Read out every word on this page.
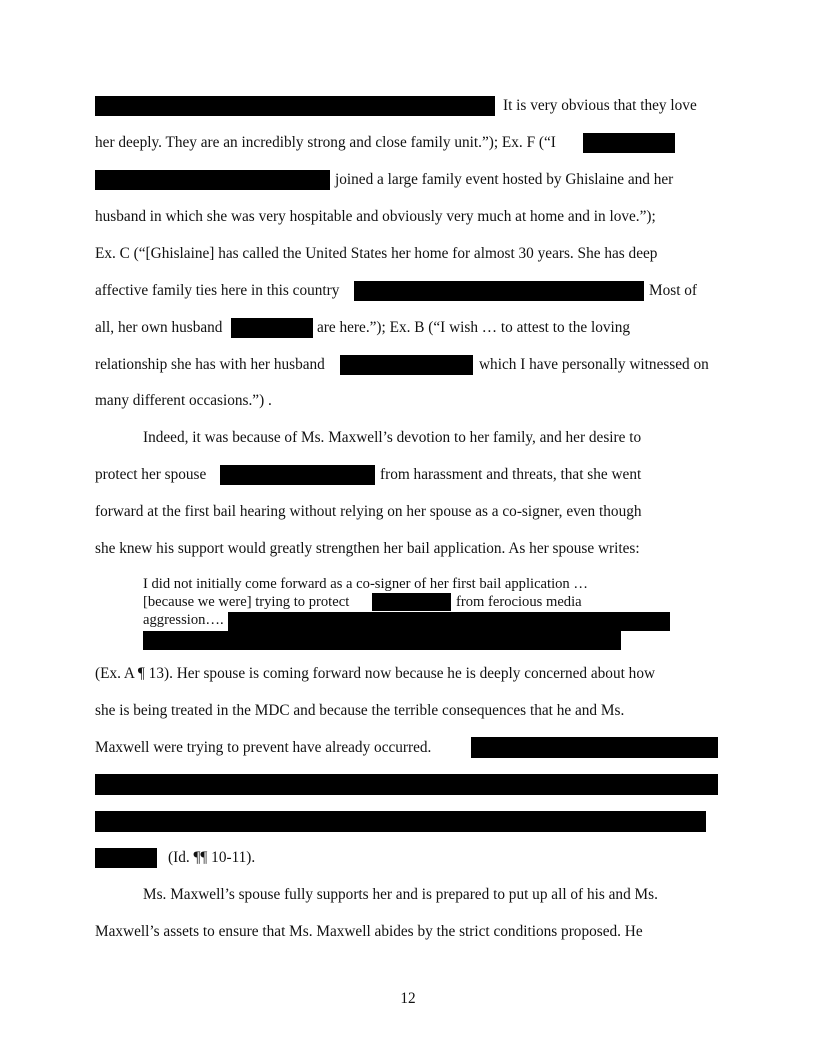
It is very obvious that they love
her deeply. They are an incredibly strong and close family unit.”); Ex. F (“I
joined a large family event hosted by Ghislaine and her
husband in which she was very hospitable and obviously very much at home and in love.”);
Ex. C (“[Ghislaine] has called the United States her home for almost 30 years. She has deep
affective family ties here in this country	Most of
all, her own husband	are here.”); Ex. B (“I wish … to attest to the loving
relationship she has with her husband	which I have personally witnessed on
many different occasions.”) .
Indeed, it was because of Ms. Maxwell’s devotion to her family, and her desire to
protect her spouse	from harassment and threats, that she went
forward at the first bail hearing without relying on her spouse as a co-signer, even though
she knew his support would greatly strengthen her bail application. As her spouse writes:
I did not initially come forward as a co-signer of her first bail application …
[because we were] trying to protect	from ferocious media
aggression….
(Ex. A ¶ 13). Her spouse is coming forward now because he is deeply concerned about how
she is being treated in the MDC and because the terrible consequences that he and Ms.
Maxwell were trying to prevent have already occurred.
(Id. ¶¶ 10-11).
Ms. Maxwell’s spouse fully supports her and is prepared to put up all of his and Ms.
Maxwell’s assets to ensure that Ms. Maxwell abides by the strict conditions proposed. He
12
